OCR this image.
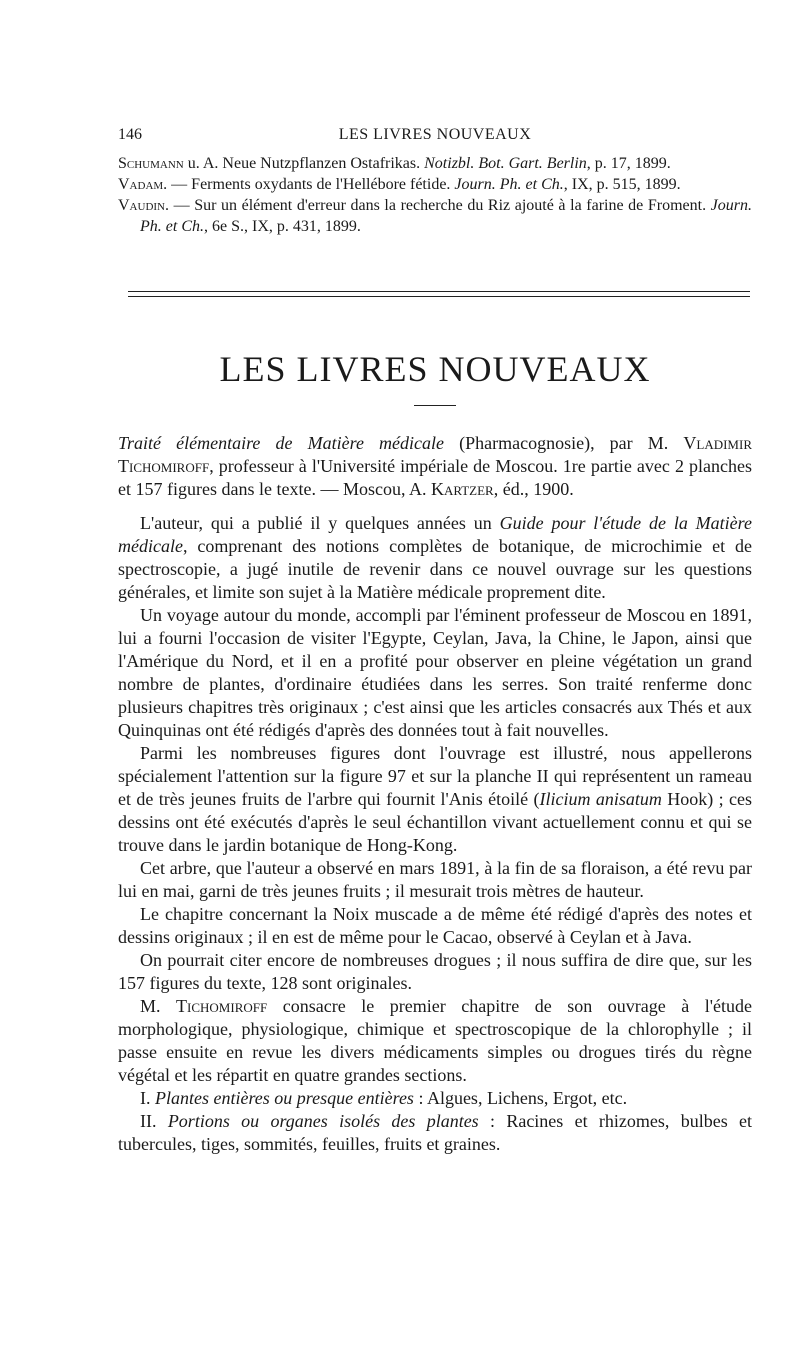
146	LES LIVRES NOUVEAUX

Schumann u. A. Neue Nutzpflanzen Ostafrikas. Notizbl. Bot. Gart. Berlin, p. 17, 1899.

Vadam. — Ferments oxydants de l'Hellébore fétide. Journ. Ph. et Ch., IX, p. 515, 1899.

Vaudin. — Sur un élément d'erreur dans la recherche du Riz ajouté à la farine de Froment. Journ. Ph. et Ch., 6e S., IX, p. 431, 1899.

LES LIVRES NOUVEAUX

Traité élémentaire de Matière médicale (Pharmacognosie), par M. Vladimir Tichomiroff, professeur à l'Université impériale de Moscou. 1re partie avec 2 planches et 157 figures dans le texte. — Moscou, A. Kartzer, éd., 1900.

L'auteur, qui a publié il y quelques années un Guide pour l'étude de la Matière médicale, comprenant des notions complètes de botanique, de microchimie et de spectroscopie, a jugé inutile de revenir dans ce nouvel ouvrage sur les questions générales, et limite son sujet à la Matière médicale proprement dite.

Un voyage autour du monde, accompli par l'éminent professeur de Moscou en 1891, lui a fourni l'occasion de visiter l'Egypte, Ceylan, Java, la Chine, le Japon, ainsi que l'Amérique du Nord, et il en a profité pour observer en pleine végétation un grand nombre de plantes, d'ordinaire étudiées dans les serres. Son traité renferme donc plusieurs chapitres très originaux ; c'est ainsi que les articles consacrés aux Thés et aux Quinquinas ont été rédigés d'après des données tout à fait nouvelles.

Parmi les nombreuses figures dont l'ouvrage est illustré, nous appellerons spécialement l'attention sur la figure 97 et sur la planche II qui représentent un rameau et de très jeunes fruits de l'arbre qui fournit l'Anis étoilé (Ilicium anisatum Hook) ; ces dessins ont été exécutés d'après le seul échantillon vivant actuellement connu et qui se trouve dans le jardin botanique de Hong-Kong.

Cet arbre, que l'auteur a observé en mars 1891, à la fin de sa floraison, a été revu par lui en mai, garni de très jeunes fruits ; il mesurait trois mètres de hauteur.

Le chapitre concernant la Noix muscade a de même été rédigé d'après des notes et dessins originaux ; il en est de même pour le Cacao, observé à Ceylan et à Java.

On pourrait citer encore de nombreuses drogues ; il nous suffira de dire que, sur les 157 figures du texte, 128 sont originales.

M. Tichomiroff consacre le premier chapitre de son ouvrage à l'étude morphologique, physiologique, chimique et spectroscopique de la chlorophylle ; il passe ensuite en revue les divers médicaments simples ou drogues tirés du règne végétal et les répartit en quatre grandes sections.

I. Plantes entières ou presque entières : Algues, Lichens, Ergot, etc.

II. Portions ou organes isolés des plantes : Racines et rhizomes, bulbes et tubercules, tiges, sommités, feuilles, fruits et graines.
